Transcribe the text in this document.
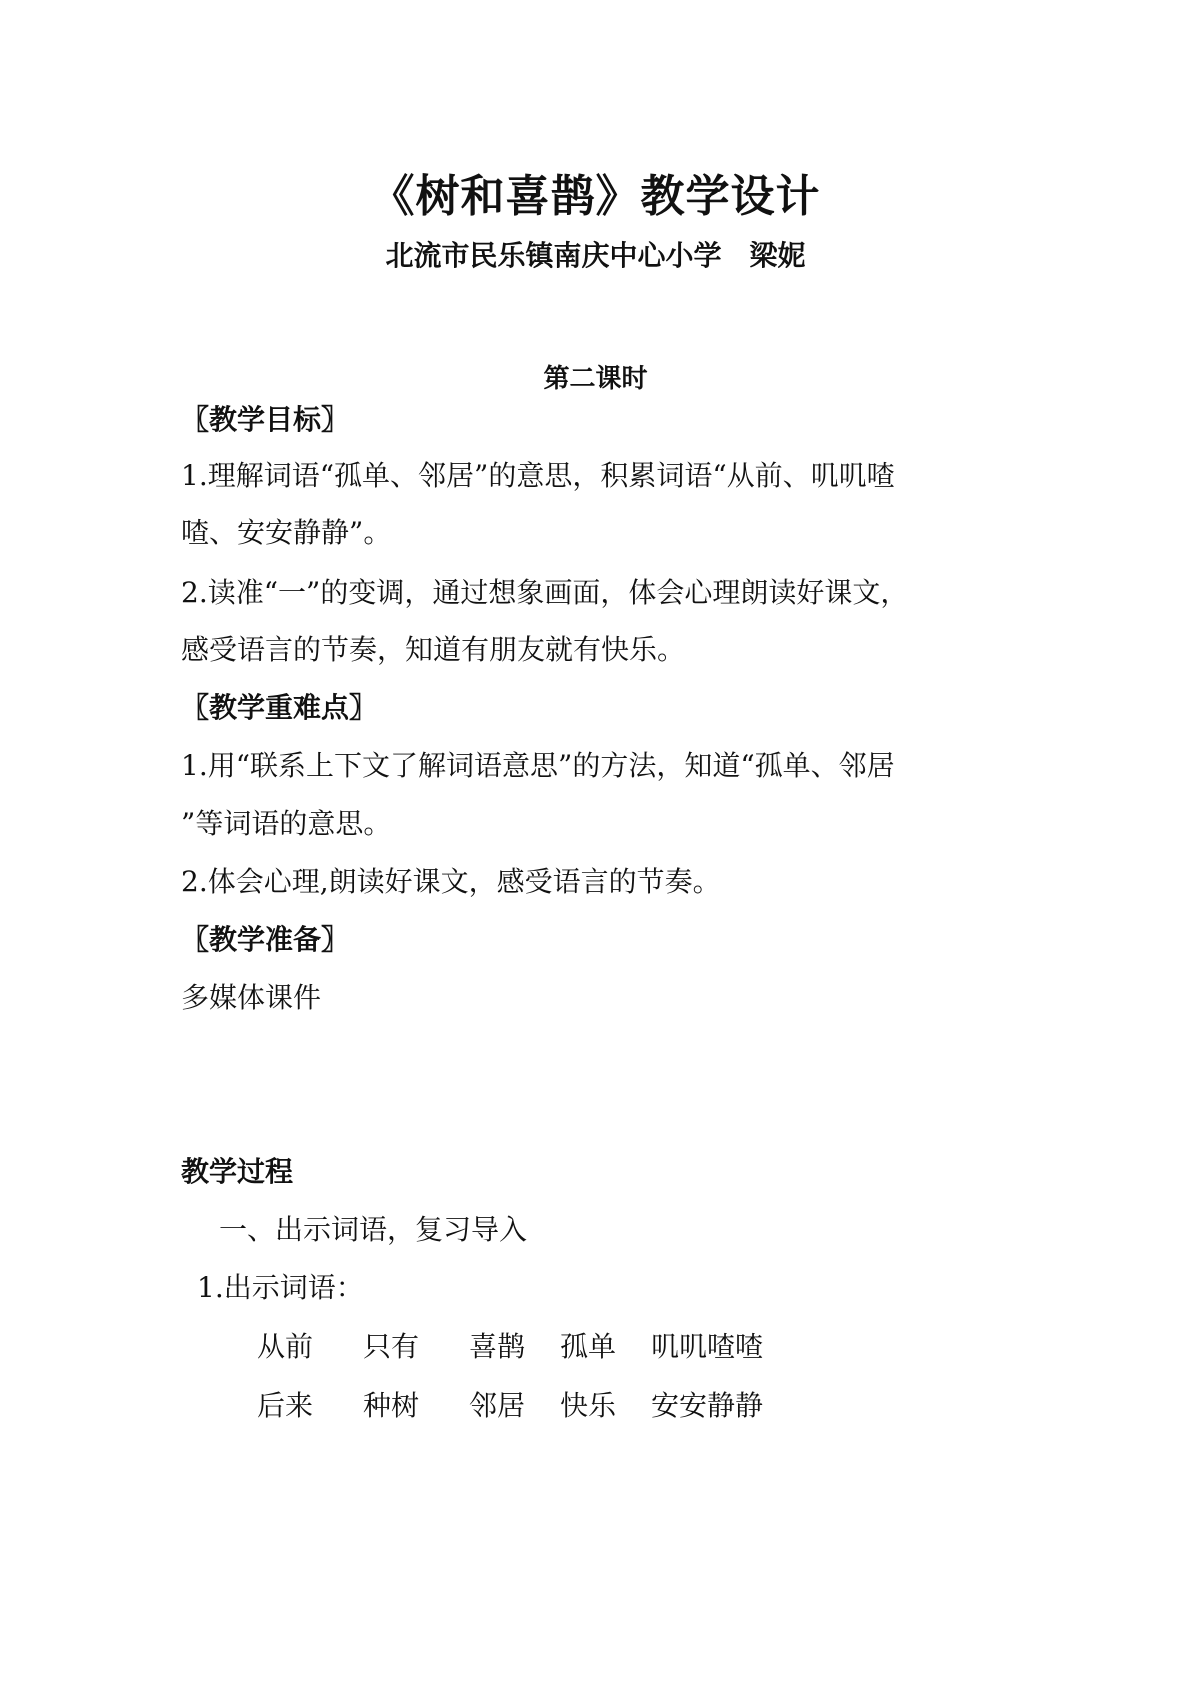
《树和喜鹊》教学设计
北流市民乐镇南庆中心小学　梁妮
第二课时
〖教学目标〗
1.理解词语“孤单、邻居”的意思，积累词语“从前、叽叽喳
喳、安安静静”。
2.读准“一”的变调，通过想象画面，体会心理朗读好课文，
感受语言的节奏，知道有朋友就有快乐。
〖教学重难点〗
1.用“联系上下文了解词语意思”的方法，知道“孤单、邻居
”等词语的意思。
2.体会心理,朗读好课文，感受语言的节奏。
〖教学准备〗
多媒体课件
教学过程
一、出示词语，复习导入
1.出示词语：
从前 只有 喜鹊 孤单 叽叽喳喳
后来 种树 邻居 快乐 安安静静
